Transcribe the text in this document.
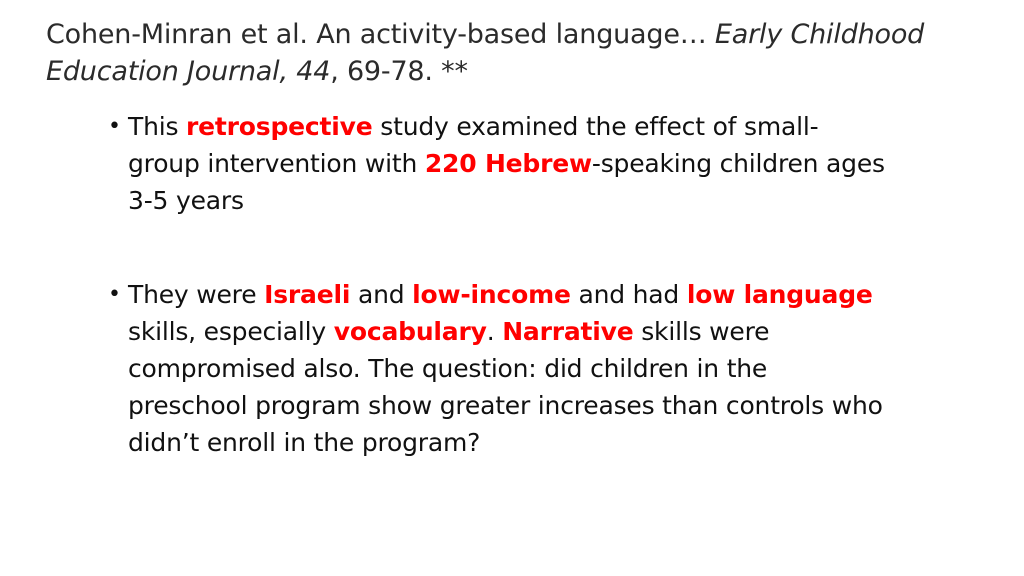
Cohen-Minran et al. An activity-based language… Early Childhood Education Journal, 44, 69-78. **
• This retrospective study examined the effect of small-group intervention with 220 Hebrew-speaking children ages 3-5 years
• They were Israeli and low-income and had low language skills, especially vocabulary. Narrative skills were compromised also. The question: did children in the preschool program show greater increases than controls who didn’t enroll in the program?
